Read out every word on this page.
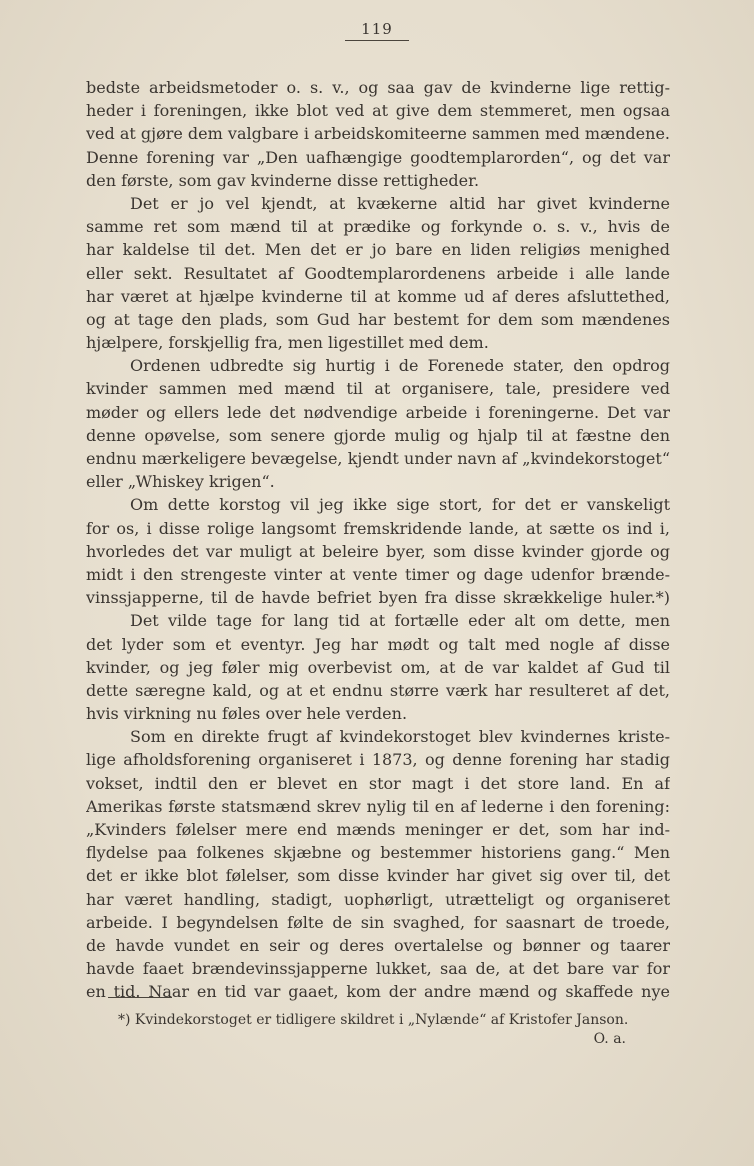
119
bedste arbeidsmetoder o. s. v., og saa gav de kvinderne lige rettig-
heder i foreningen, ikke blot ved at give dem stemmeret, men ogsaa
ved at gjøre dem valgbare i arbeidskomiteerne sammen med mændene.
Denne forening var „Den uafhængige goodtemplarorden“, og det var
den første, som gav kvinderne disse rettigheder.
Det er jo vel kjendt, at kvækerne altid har givet kvinderne
samme ret som mænd til at prædike og forkynde o. s. v., hvis de
har kaldelse til det. Men det er jo bare en liden religiøs menighed
eller sekt. Resultatet af Goodtemplarordenens arbeide i alle lande
har været at hjælpe kvinderne til at komme ud af deres afsluttethed,
og at tage den plads, som Gud har bestemt for dem som mændenes
hjælpere, forskjellig fra, men ligestillet med dem.
Ordenen udbredte sig hurtig i de Forenede stater, den opdrog
kvinder sammen med mænd til at organisere, tale, presidere ved
møder og ellers lede det nødvendige arbeide i foreningerne. Det var
denne opøvelse, som senere gjorde mulig og hjalp til at fæstne den
endnu mærkeligere bevægelse, kjendt under navn af „kvindekorstoget“
eller „Whiskey krigen“.
Om dette korstog vil jeg ikke sige stort, for det er vanskeligt
for os, i disse rolige langsomt fremskridende lande, at sætte os ind i,
hvorledes det var muligt at beleire byer, som disse kvinder gjorde og
midt i den strengeste vinter at vente timer og dage udenfor brænde-
vinssjapperne, til de havde befriet byen fra disse skrækkelige huler.*)
Det vilde tage for lang tid at fortælle eder alt om dette, men
det lyder som et eventyr. Jeg har mødt og talt med nogle af disse
kvinder, og jeg føler mig overbevist om, at de var kaldet af Gud til
dette særegne kald, og at et endnu større værk har resulteret af det,
hvis virkning nu føles over hele verden.
Som en direkte frugt af kvindekorstoget blev kvindernes kriste-
lige afholdsforening organiseret i 1873, og denne forening har stadig
vokset, indtil den er blevet en stor magt i det store land. En af
Amerikas første statsmænd skrev nylig til en af lederne i den forening:
„Kvinders følelser mere end mænds meninger er det, som har ind-
flydelse paa folkenes skjæbne og bestemmer historiens gang.“ Men
det er ikke blot følelser, som disse kvinder har givet sig over til, det
har været handling, stadigt, uophørligt, utrætteligt og organiseret
arbeide. I begyndelsen følte de sin svaghed, for saasnart de troede,
de havde vundet en seir og deres overtalelse og bønner og taarer
havde faaet brændevinssjapperne lukket, saa de, at det bare var for
en tid. Naar en tid var gaaet, kom der andre mænd og skaffede nye
*) Kvindekorstoget er tidligere skildret i „Nylænde“ af Kristofer Janson.
O. a.
